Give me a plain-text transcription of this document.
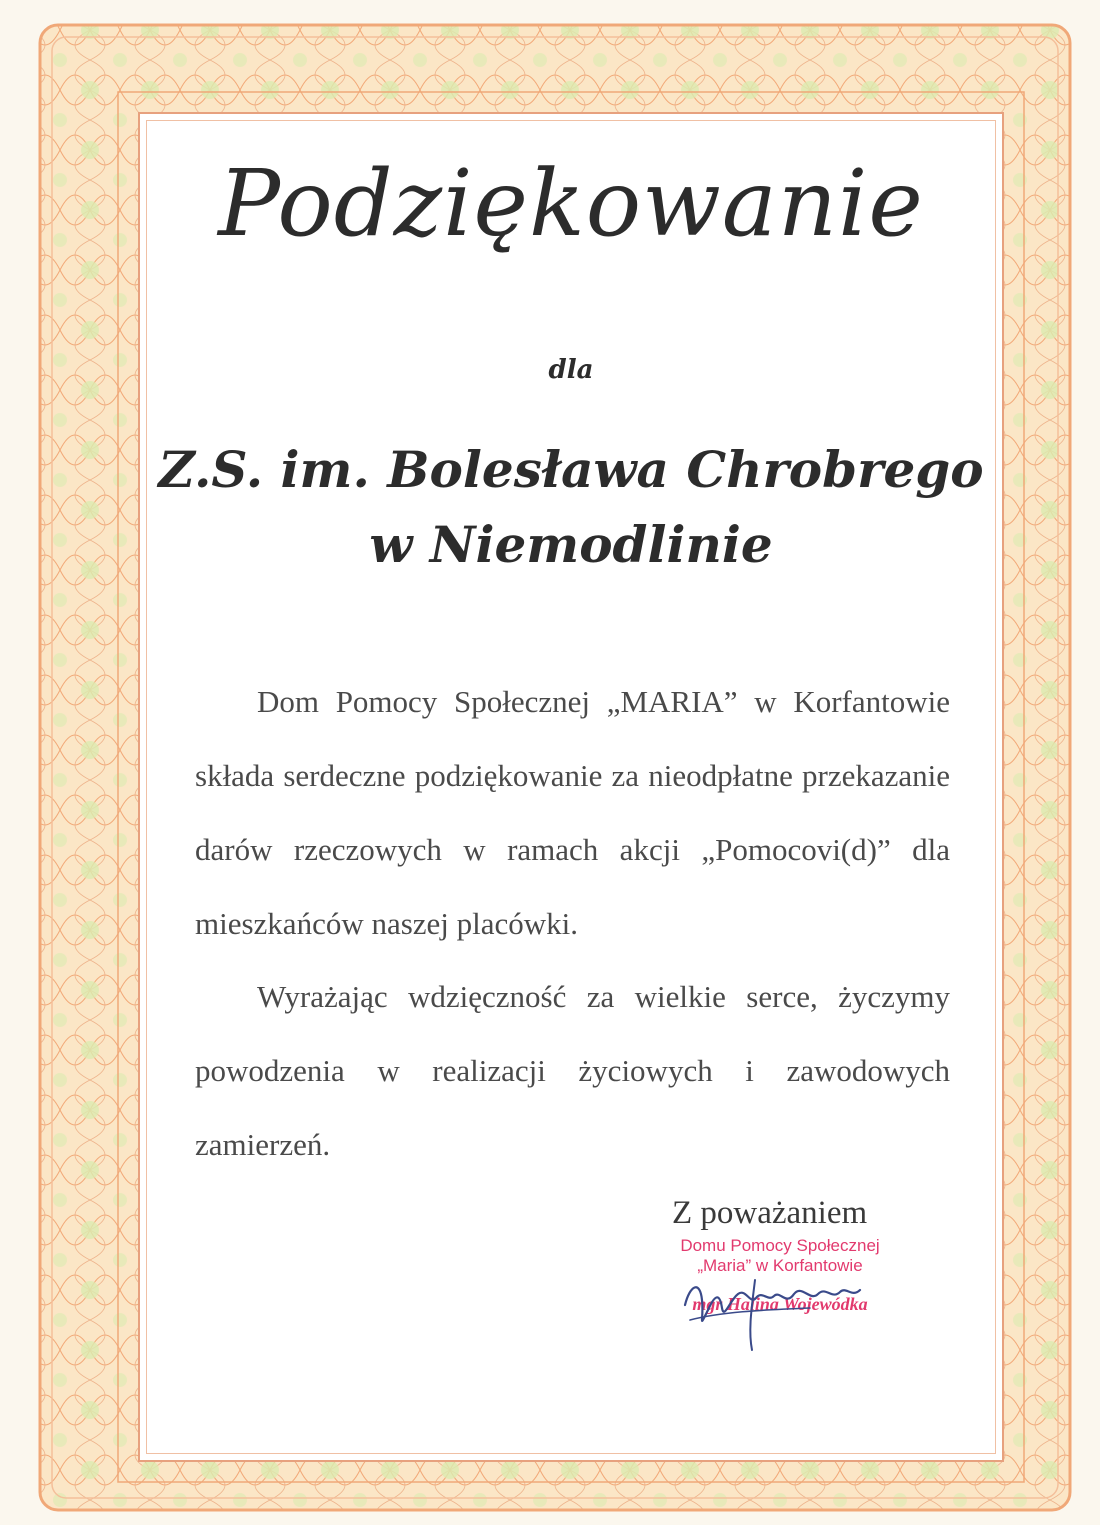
Podziękowanie
dla
Z.S. im. Bolesława Chrobrego
w Niemodlinie
Dom Pomocy Społecznej „MARIA” w Korfantowie składa serdeczne podziękowanie za nieodpłatne przekazanie darów rzeczowych w ramach akcji „Pomocovi(d)” dla mieszkańców naszej placówki.
Wyrażając wdzięczność za wielkie serce, życzymy powodzenia w realizacji życiowych i zawodowych zamierzeń.
Z poważaniem
Domu Pomocy Społecznej
„Maria” w Korfantowie
mgr Halina Wojewódka
